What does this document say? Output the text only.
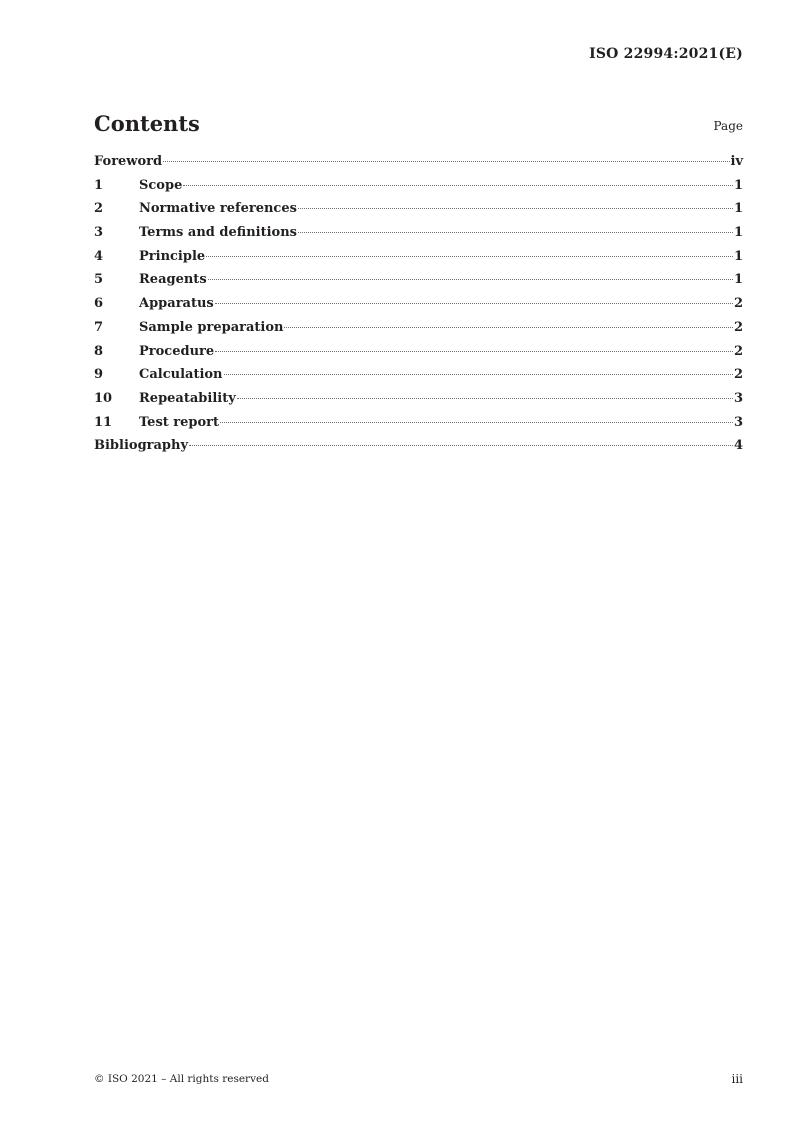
ISO 22994:2021(E)
Contents	Page
Foreword	iv
1	Scope	1
2	Normative references	1
3	Terms and definitions	1
4	Principle	1
5	Reagents	1
6	Apparatus	2
7	Sample preparation	2
8	Procedure	2
9	Calculation	2
10	Repeatability	3
11	Test report	3
Bibliography	4
© ISO 2021 – All rights reserved	iii
